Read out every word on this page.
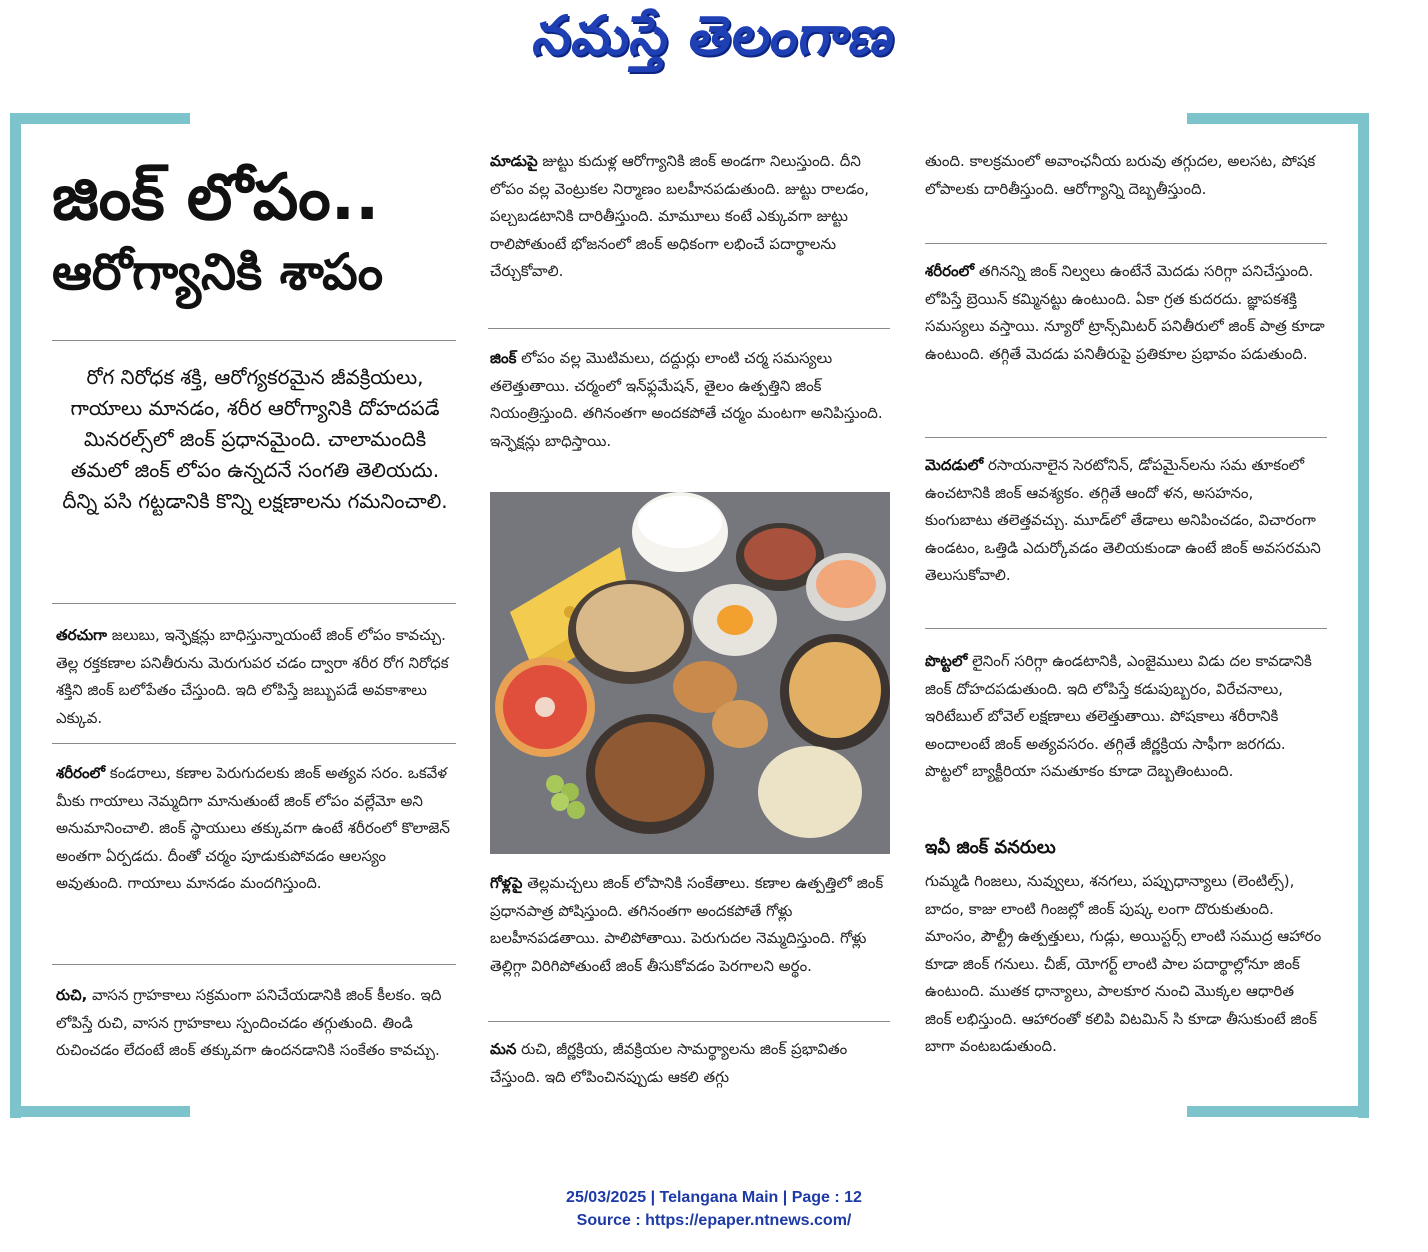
నమస్తే తెలంగాణ
జింక్‌ లోపం..
ఆరోగ్యానికి శాపం
రోగ నిరోధక శక్తి, ఆరోగ్యకరమైన జీవక్రియలు, గాయాలు మానడం, శరీర ఆరోగ్యానికి దోహదపడే మినరల్స్‌లో జింక్‌ ప్రధానమైంది. చాలామందికి తమలో జింక్‌ లోపం ఉన్నదనే సంగతి తెలియదు. దీన్ని పసి గట్టడానికి కొన్ని లక్షణాలను గమనించాలి.
తరచుగా జలుబు, ఇన్ఫెక్షన్లు బాధిస్తున్నాయంటే జింక్‌ లోపం కావచ్చు. తెల్ల రక్తకణాల పనితీరును మెరుగుపర చడం ద్వారా శరీర రోగ నిరోధక శక్తిని జింక్‌ బలోపేతం చేస్తుంది. ఇది లోపిస్తే జబ్బుపడే అవకాశాలు ఎక్కువ.
శరీరంలో కండరాలు, కణాల పెరుగుదలకు జింక్‌ అత్యవ సరం. ఒకవేళ మీకు గాయాలు నెమ్మదిగా మానుతుంటే జింక్‌ లోపం వల్లేమో అని అనుమానించాలి. జింక్‌ స్థాయులు తక్కువగా ఉంటే శరీరంలో కొలాజెన్‌ అంతగా ఏర్పడదు. దీంతో చర్మం పూడుకుపోవడం ఆలస్యం అవుతుంది. గాయాలు మానడం మందగిస్తుంది.
రుచి, వాసన గ్రాహకాలు సక్రమంగా పనిచేయడానికి జింక్‌ కీలకం. ఇది లోపిస్తే రుచి, వాసన గ్రాహకాలు స్పందించడం తగ్గుతుంది. తిండి రుచించడం లేదంటే జింక్‌ తక్కువగా ఉందనడానికి సంకేతం కావచ్చు.
మాడుపై జుట్టు కుదుళ్ల ఆరోగ్యానికి జింక్‌ అండగా నిలుస్తుంది. దీని లోపం వల్ల వెంట్రుకల నిర్మాణం బలహీనపడుతుంది. జుట్టు రాలడం, పల్చబడటానికి దారితీస్తుంది. మామూలు కంటే ఎక్కువగా జుట్టు రాలిపోతుంటే భోజనంలో జింక్‌ అధికంగా లభించే పదార్థాలను చేర్చుకోవాలి.
జింక్‌ లోపం వల్ల మొటిమలు, దద్దుర్లు లాంటి చర్మ సమస్యలు తలెత్తుతాయి. చర్మంలో ఇన్‌ఫ్లమేషన్‌, తైలం ఉత్పత్తిని జింక్‌ నియంత్రిస్తుంది. తగినంతగా అందకపోతే చర్మం మంటగా అనిపిస్తుంది. ఇన్ఫెక్షన్లు బాధిస్తాయి.
గోళ్లపై తెల్లమచ్చలు జింక్‌ లోపానికి సంకేతాలు. కణాల ఉత్పత్తిలో జింక్‌ ప్రధానపాత్ర పోషిస్తుంది. తగినంతగా అందకపోతే గోళ్లు బలహీనపడతాయి. పాలిపోతాయి. పెరుగుదల నెమ్మదిస్తుంది. గోళ్లు తెల్లిగ్గా విరిగిపోతుంటే జింక్‌ తీసుకోవడం పెరగాలని అర్థం.
మన రుచి, జీర్ణక్రియ, జీవక్రియల సామర్థ్యాలను జింక్‌ ప్రభావితం చేస్తుంది. ఇది లోపించినప్పుడు ఆకలి తగ్గు
తుంది. కాలక్రమంలో అవాంఛనీయ బరువు తగ్గుదల, అలసట, పోషక లోపాలకు దారితీస్తుంది. ఆరోగ్యాన్ని దెబ్బతీస్తుంది.
శరీరంలో తగినన్ని జింక్‌ నిల్వలు ఉంటేనే మెదడు సరిగ్గా పనిచేస్తుంది. లోపిస్తే బ్రెయిన్‌ కమ్మినట్టు ఉంటుంది. ఏకా గ్రత కుదరదు. జ్ఞాపకశక్తి సమస్యలు వస్తాయి. న్యూరో ట్రాన్స్‌మిటర్‌ పనితీరులో జింక్‌ పాత్ర కూడా ఉంటుంది. తగ్గితే మెదడు పనితీరుపై ప్రతికూల ప్రభావం పడుతుంది.
మెదడులో రసాయనాలైన సెరటోనిన్‌, డోపమైన్‌లను సమ తూకంలో ఉంచటానికి జింక్‌ ఆవశ్యకం. తగ్గితే ఆందో ళన, అసహనం, కుంగుబాటు తలెత్తవచ్చు. మూడ్‌లో తేడాలు అనిపించడం, విచారంగా ఉండటం, ఒత్తిడి ఎదుర్కోవడం తెలియకుండా ఉంటే జింక్‌ అవసరమని తెలుసుకోవాలి.
పొట్టలో లైనింగ్‌ సరిగ్గా ఉండటానికి, ఎంజైములు విడు దల కావడానికి జింక్‌ దోహదపడుతుంది. ఇది లోపిస్తే కడుపుబ్బరం, విరేచనాలు, ఇరిటేబుల్‌ బోవెల్‌ లక్షణాలు తలెత్తుతాయి. పోషకాలు శరీరానికి అందాలంటే జింక్‌ అత్యవసరం. తగ్గితే జీర్ణక్రియ సాఫీగా జరగదు. పొట్టలో బ్యాక్టీరియా సమతూకం కూడా దెబ్బతింటుంది.
ఇవీ జింక్‌ వనరులు
గుమ్మడి గింజలు, నువ్వులు, శనగలు, పప్పుధాన్యాలు (లెంటిల్స్‌), బాదం, కాజు లాంటి గింజల్లో జింక్‌ పుష్క లంగా దొరుకుతుంది. మాంసం, పౌల్ట్రీ ఉత్పత్తులు, గుడ్లు, అయిస్టర్స్‌ లాంటి సముద్ర ఆహారం కూడా జింక్‌ గనులు. చీజ్‌, యోగర్ట్‌ లాంటి పాల పదార్థాల్లోనూ జింక్‌ ఉంటుంది. ముతక ధాన్యాలు, పాలకూర నుంచి మొక్కల ఆధారిత జింక్‌ లభిస్తుంది. ఆహారంతో కలిపి విటమిన్‌ సి కూడా తీసుకుంటే జింక్‌ బాగా వంటబడుతుంది.
25/03/2025 | Telangana Main | Page : 12
Source : https://epaper.ntnews.com/
